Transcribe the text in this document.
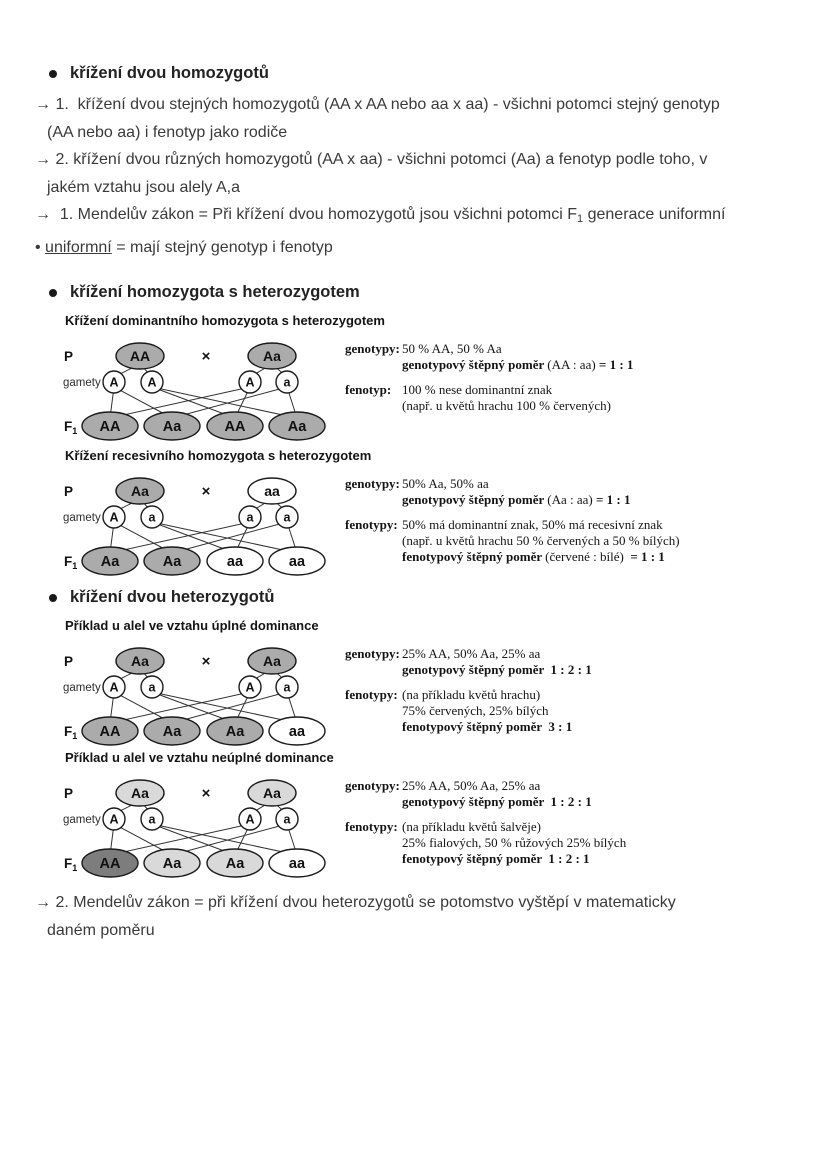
křížení dvou homozygotů
→ 1.  křížení dvou stejných homozygotů (AA x AA nebo aa x aa) - všichni potomci stejný genotyp
(AA nebo aa) i fenotyp jako rodiče
→ 2. křížení dvou různých homozygotů (AA x aa) - všichni potomci (Aa) a fenotyp podle toho, v
jakém vztahu jsou alely A,a
→  1. Mendelův zákon = Při křížení dvou homozygotů jsou všichni potomci F1 generace uniformní
• uniformní = mají stejný genotyp i fenotyp
křížení homozygota s heterozygotem
Křížení dominantního homozygota s heterozygotem
AA	Aa
×
A A	A a
AA	Aa	AA	Aa
P
gamety
$F_1$
genotypy: 50 % AA, 50 % Aa
genotypový štěpný poměr (AA : aa) = 1 : 1
fenotyp: 100 % nese dominantní znak
(např. u květů hrachu 100 % červených)
Křížení recesivního homozygota s heterozygotem
Aa	aa
×
A a	a a
Aa	Aa	aa	aa
P
gamety
$F_1$
genotypy: 50% Aa, 50% aa
genotypový štěpný poměr (Aa : aa) = 1 : 1
fenotypy: 50% má dominantní znak, 50% má recesivní znak
(např. u květů hrachu 50 % červených a 50 % bílých)
fenotypový štěpný poměr (červené : bílé)  = 1 : 1
křížení dvou heterozygotů
Příklad u alel ve vztahu úplné dominance
Aa	Aa
×
A a	A a
AA	Aa	Aa	aa
P
gamety
$F_1$
genotypy: 25% AA, 50% Aa, 25% aa
genotypový štěpný poměr  1 : 2 : 1
fenotypy: (na příkladu květů hrachu)
75% červených, 25% bílých
fenotypový štěpný poměr  3 : 1
Příklad u alel ve vztahu neúplné dominance
Aa	Aa
×
A a	A a
AA	Aa	Aa	aa
P
gamety
$F_1$
genotypy: 25% AA, 50% Aa, 25% aa
genotypový štěpný poměr  1 : 2 : 1
fenotypy: (na příkladu květů šalvěje)
25% fialových, 50 % růžových 25% bílých
fenotypový štěpný poměr  1 : 2 : 1
→ 2. Mendelův zákon = při křížení dvou heterozygotů se potomstvo vyštěpí v matematicky
daném poměru
